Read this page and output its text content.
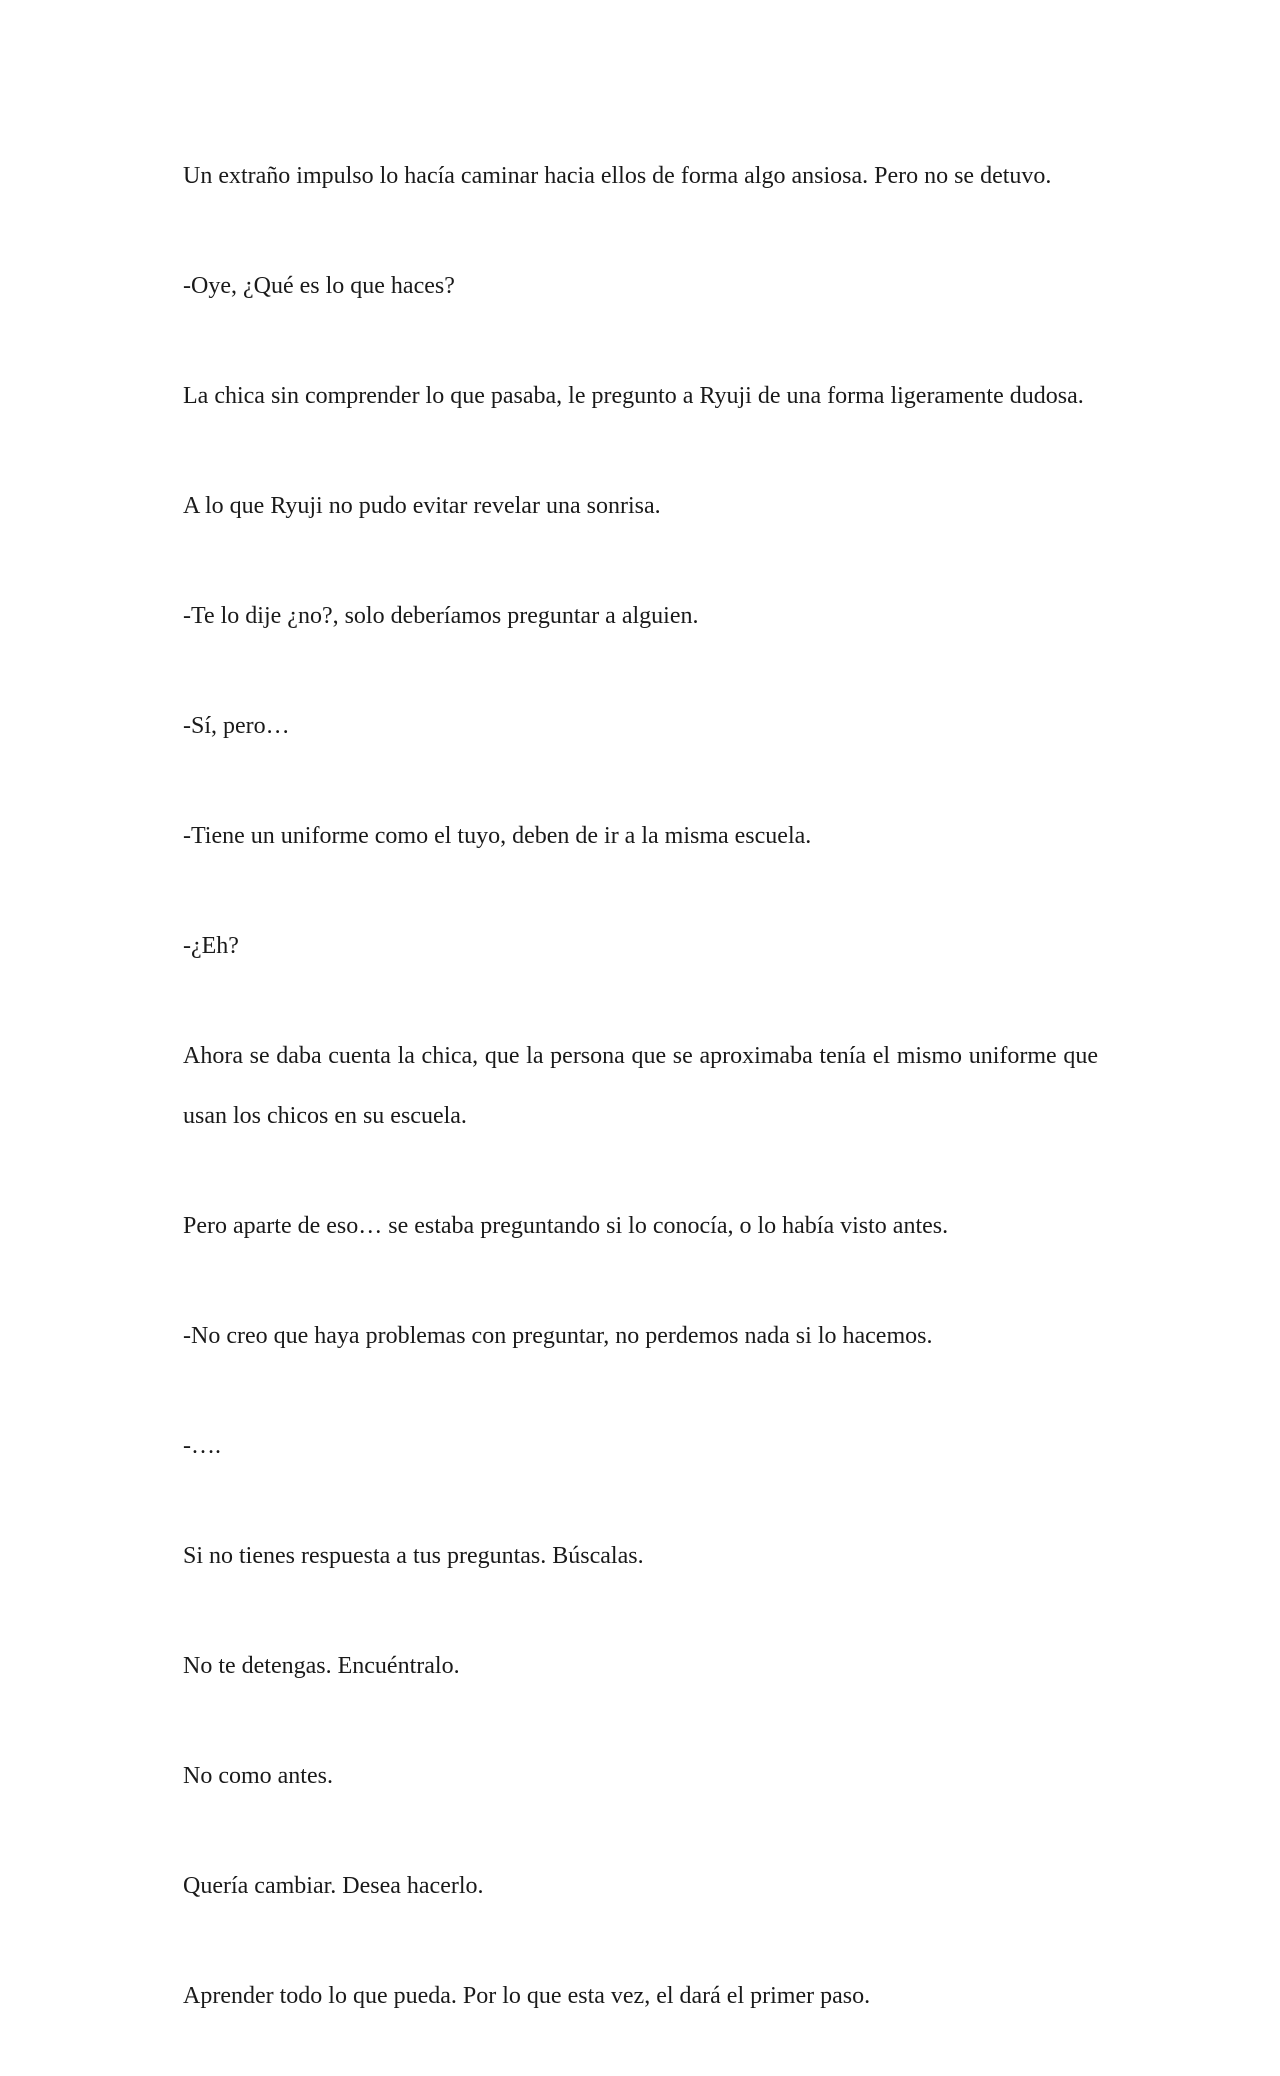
Un extraño impulso lo hacía caminar hacia ellos de forma algo ansiosa. Pero no se detuvo.

-Oye, ¿Qué es lo que haces?

La chica sin comprender lo que pasaba, le pregunto a Ryuji de una forma ligeramente dudosa.

A lo que Ryuji no pudo evitar revelar una sonrisa.

-Te lo dije ¿no?, solo deberíamos preguntar a alguien.

-Sí, pero…

-Tiene un uniforme como el tuyo, deben de ir a la misma escuela.

-¿Eh?

Ahora se daba cuenta la chica, que la persona que se aproximaba tenía el mismo uniforme que usan los chicos en su escuela.

Pero aparte de eso… se estaba preguntando si lo conocía, o lo había visto antes.

-No creo que haya problemas con preguntar, no perdemos nada si lo hacemos.

-….

Si no tienes respuesta a tus preguntas. Búscalas.

No te detengas. Encuéntralo.

No como antes.

Quería cambiar. Desea hacerlo.

Aprender todo lo que pueda. Por lo que esta vez, el dará el primer paso.
